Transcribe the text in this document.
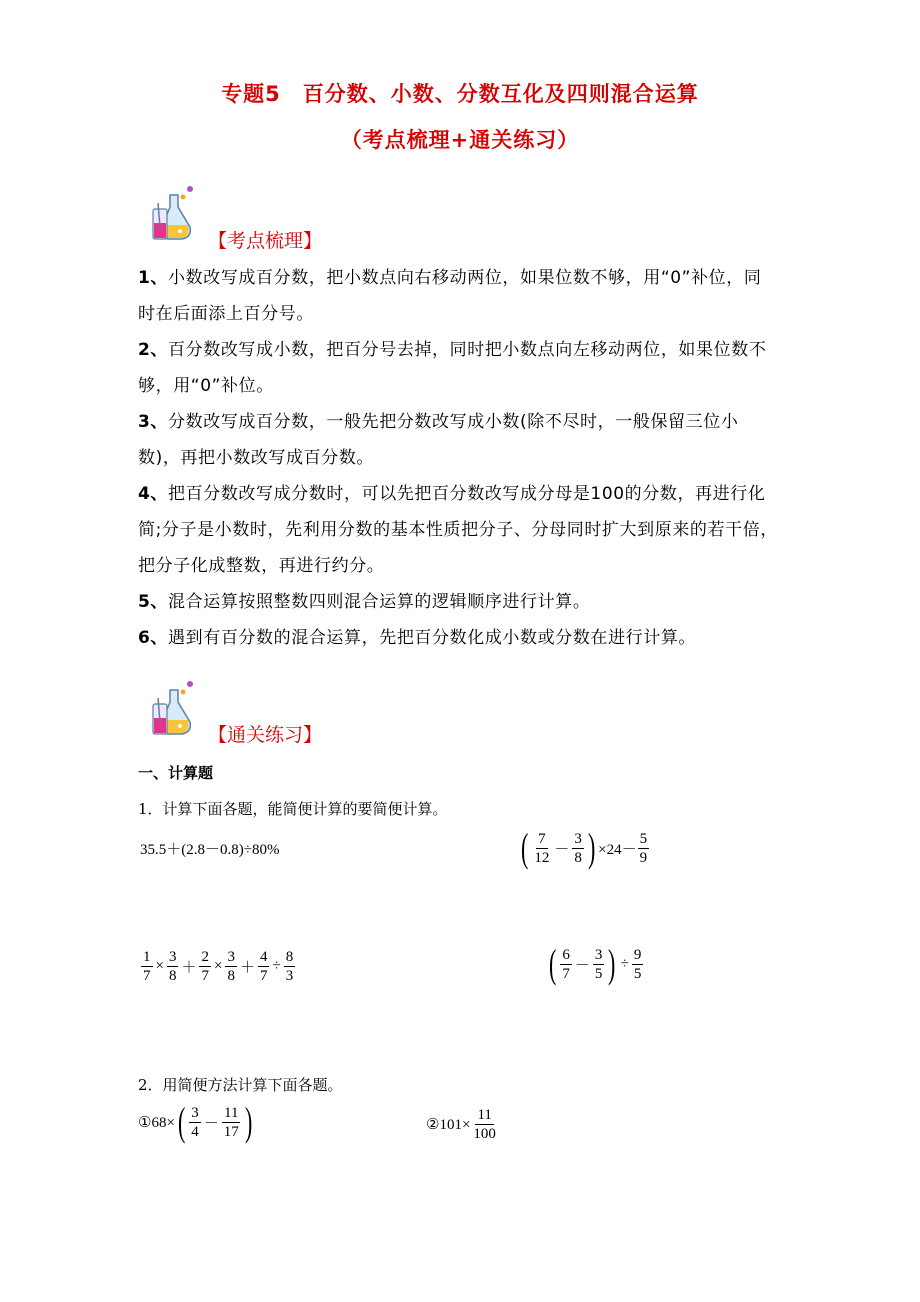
专题5　百分数、小数、分数互化及四则混合运算
（考点梳理+通关练习）
【考点梳理】
1、小数改写成百分数，把小数点向右移动两位，如果位数不够，用“0”补位，同时在后面添上百分号。
2、百分数改写成小数，把百分号去掉，同时把小数点向左移动两位，如果位数不够，用“0”补位。
3、分数改写成百分数，一般先把分数改写成小数(除不尽时，一般保留三位小数)，再把小数改写成百分数。
4、把百分数改写成分数时，可以先把百分数改写成分母是100的分数，再进行化简;分子是小数时，先利用分数的基本性质把分子、分母同时扩大到原来的若干倍，把分子化成整数，再进行约分。
5、混合运算按照整数四则混合运算的逻辑顺序进行计算。
6、遇到有百分数的混合运算，先把百分数化成小数或分数在进行计算。
【通关练习】
一、计算题
1．计算下面各题，能简便计算的要简便计算。
35.5＋(2.8－0.8)÷80%	( $\frac{7}{12} - \frac{3}{8}$ ) $\times 24- \frac{5}{9}$
$\frac{1}{7} \times \frac{3}{8} + \frac{2}{7} \times \frac{3}{8} + \frac{4}{7} \div \frac{8}{3}$	( $\frac{6}{7} - \frac{3}{5}$ ) ÷ $\frac{9}{5}$
2．用简便方法计算下面各题。
①68× ( $\frac{3}{4} - \frac{11}{17}$ )	②101× $\frac{11}{100}$
